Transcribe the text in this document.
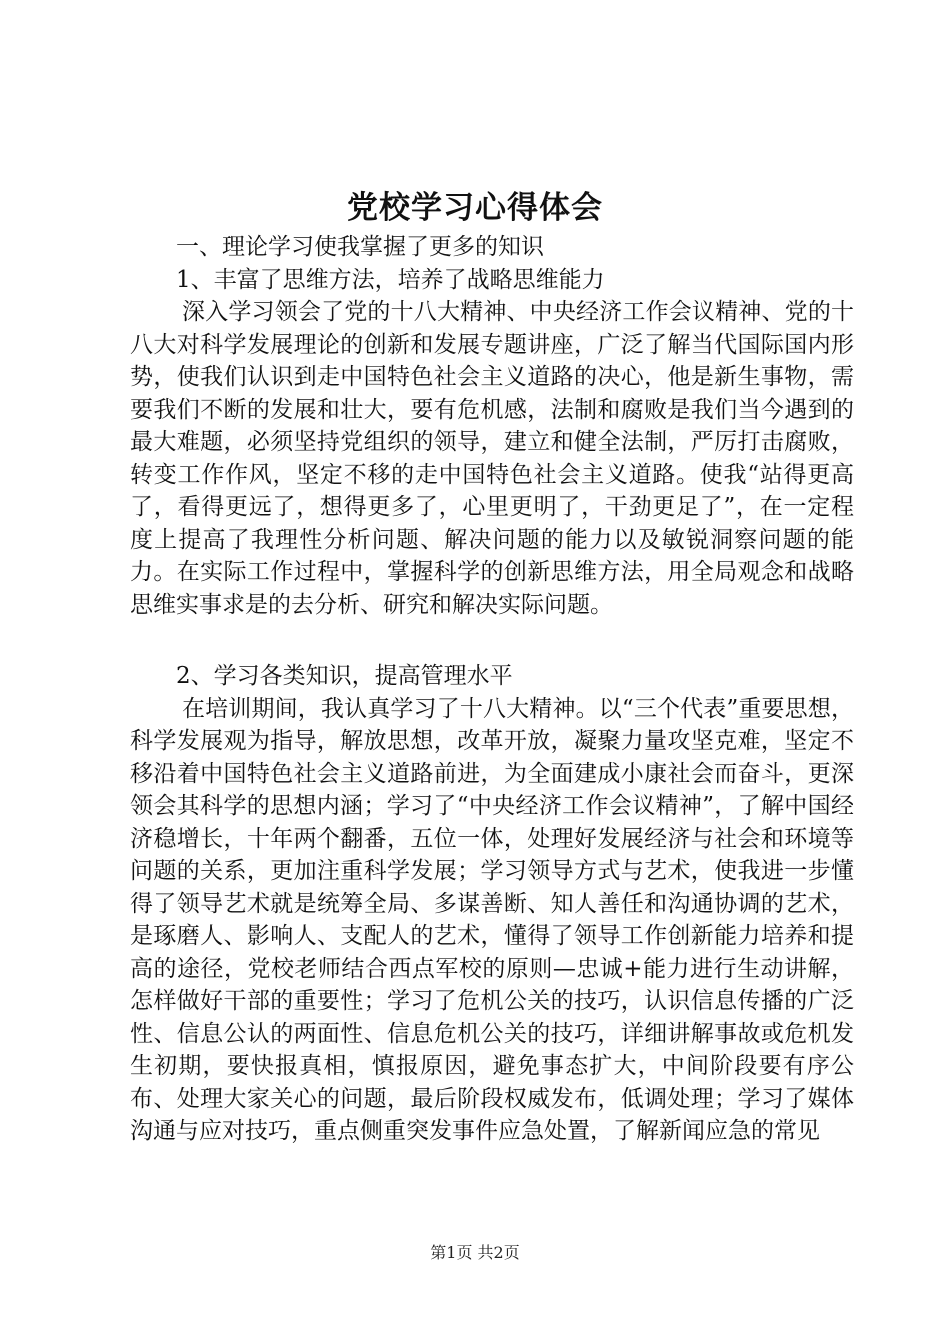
党校学习心得体会

一、理论学习使我掌握了更多的知识

1、丰富了思维方法，培养了战略思维能力

深入学习领会了党的十八大精神、中央经济工作会议精神、党的十八大对科学发展理论的创新和发展专题讲座，广泛了解当代国际国内形势，使我们认识到走中国特色社会主义道路的决心，他是新生事物，需要我们不断的发展和壮大，要有危机感，法制和腐败是我们当今遇到的最大难题，必须坚持党组织的领导，建立和健全法制，严厉打击腐败，转变工作作风，坚定不移的走中国特色社会主义道路。使我“站得更高了，看得更远了，想得更多了，心里更明了，干劲更足了”，在一定程度上提高了我理性分析问题、解决问题的能力以及敏锐洞察问题的能力。在实际工作过程中，掌握科学的创新思维方法，用全局观念和战略思维实事求是的去分析、研究和解决实际问题。

2、学习各类知识，提高管理水平

在培训期间，我认真学习了十八大精神。以“三个代表”重要思想，科学发展观为指导，解放思想，改革开放，凝聚力量攻坚克难，坚定不移沿着中国特色社会主义道路前进，为全面建成小康社会而奋斗，更深领会其科学的思想内涵；学习了“中央经济工作会议精神”，了解中国经济稳增长，十年两个翻番，五位一体，处理好发展经济与社会和环境等问题的关系，更加注重科学发展；学习领导方式与艺术，使我进一步懂得了领导艺术就是统筹全局、多谋善断、知人善任和沟通协调的艺术，是琢磨人、影响人、支配人的艺术，懂得了领导工作创新能力培养和提高的途径，党校老师结合西点军校的原则—忠诚+能力进行生动讲解，怎样做好干部的重要性；学习了危机公关的技巧，认识信息传播的广泛性、信息公认的两面性、信息危机公关的技巧，详细讲解事故或危机发生初期，要快报真相，慎报原因，避免事态扩大，中间阶段要有序公布、处理大家关心的问题，最后阶段权威发布，低调处理；学习了媒体沟通与应对技巧，重点侧重突发事件应急处置，了解新闻应急的常见

第1页 共2页
